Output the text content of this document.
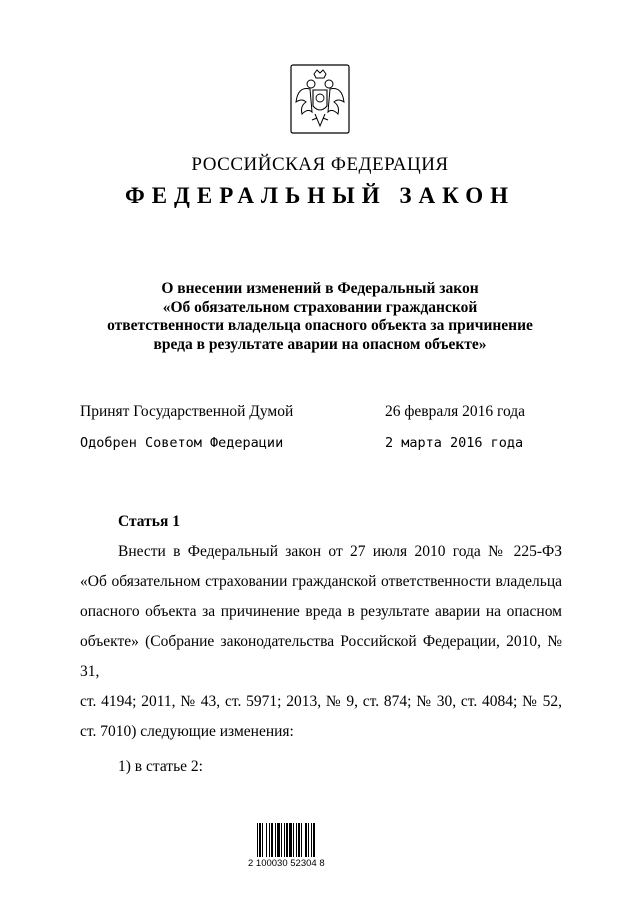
РОССИЙСКАЯ ФЕДЕРАЦИЯ
ФЕДЕРАЛЬНЫЙ ЗАКОН
О внесении изменений в Федеральный закон
«Об обязательном страховании гражданской
ответственности владельца опасного объекта за причинение
вреда в результате аварии на опасном объекте»
Принят Государственной Думой	26 февраля 2016 года
Одобрен Советом Федерации	2 марта 2016 года
Статья 1
Внести в Федеральный закон от 27 июля 2010 года № 225-ФЗ
«Об обязательном страховании гражданской ответственности владельца
опасного объекта за причинение вреда в результате аварии на опасном
объекте» (Собрание законодательства Российской Федерации, 2010, № 31,
ст. 4194; 2011, № 43, ст. 5971; 2013, № 9, ст. 874; № 30, ст. 4084; № 52,
ст. 7010) следующие изменения:
1) в статье 2:
2 100030 52304 8
